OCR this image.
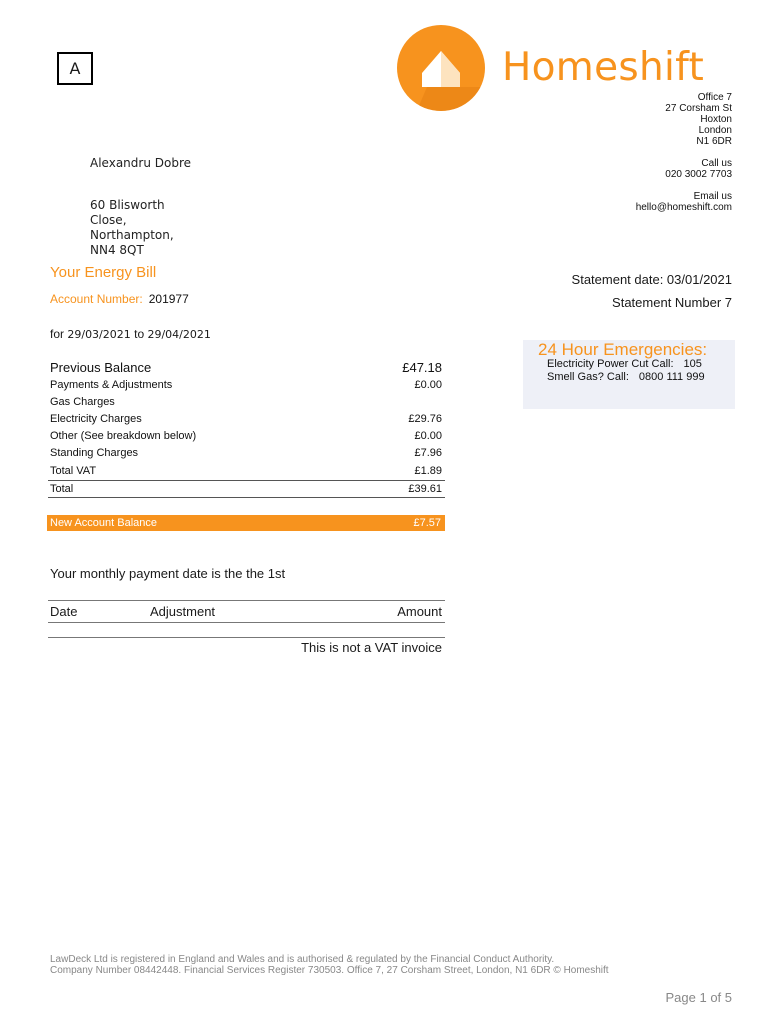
A	Homeshift
Office 7
27 Corsham St
Hoxton
London
N1 6DR
Call us
020 3002 7703
Email us
hello@homeshift.com
Alexandru Dobre
60 Blisworth
Close,
Northampton,
NN4 8QT
Your Energy Bill
Account Number: 201977
for 29/03/2021 to 29/04/2021
Statement date: 03/01/2021
Statement Number 7
24 Hour Emergencies:
Electricity Power Cut Call: 105
Smell Gas? Call: 0800 111 999
Previous Balance	£47.18
Payments & Adjustments	£0.00
Gas Charges
Electricity Charges	£29.76
Other (See breakdown below)	£0.00
Standing Charges	£7.96
Total VAT	£1.89
Total	£39.61
New Account Balance	£7.57
Your monthly payment date is the the 1st
Date	Adjustment	Amount
This is not a VAT invoice
LawDeck Ltd is registered in England and Wales and is authorised & regulated by the Financial Conduct Authority.
Company Number 08442448. Financial Services Register 730503. Office 7, 27 Corsham Street, London, N1 6DR © Homeshift
Page 1 of 5
